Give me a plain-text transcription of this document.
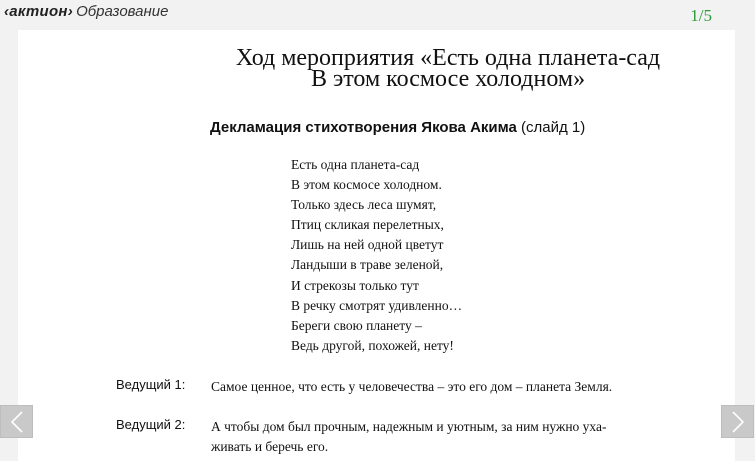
‹актион› Образование	1/5
Ход мероприятия «Есть одна планета-сад
В этом космосе холодном»
Декламация стихотворения Якова Акима (слайд 1)
Есть одна планета-сад
В этом космосе холодном.
Только здесь леса шумят,
Птиц скликая перелетных,
Лишь на ней одной цветут
Ландыши в траве зеленой,
И стрекозы только тут
В речку смотрят удивленно…
Береги свою планету –
Ведь другой, похожей, нету!
Ведущий 1:	Самое ценное, что есть у человечества – это его дом – планета Земля.
Ведущий 2:	А чтобы дом был прочным, надежным и уютным, за ним нужно уха-
живать и беречь его.
